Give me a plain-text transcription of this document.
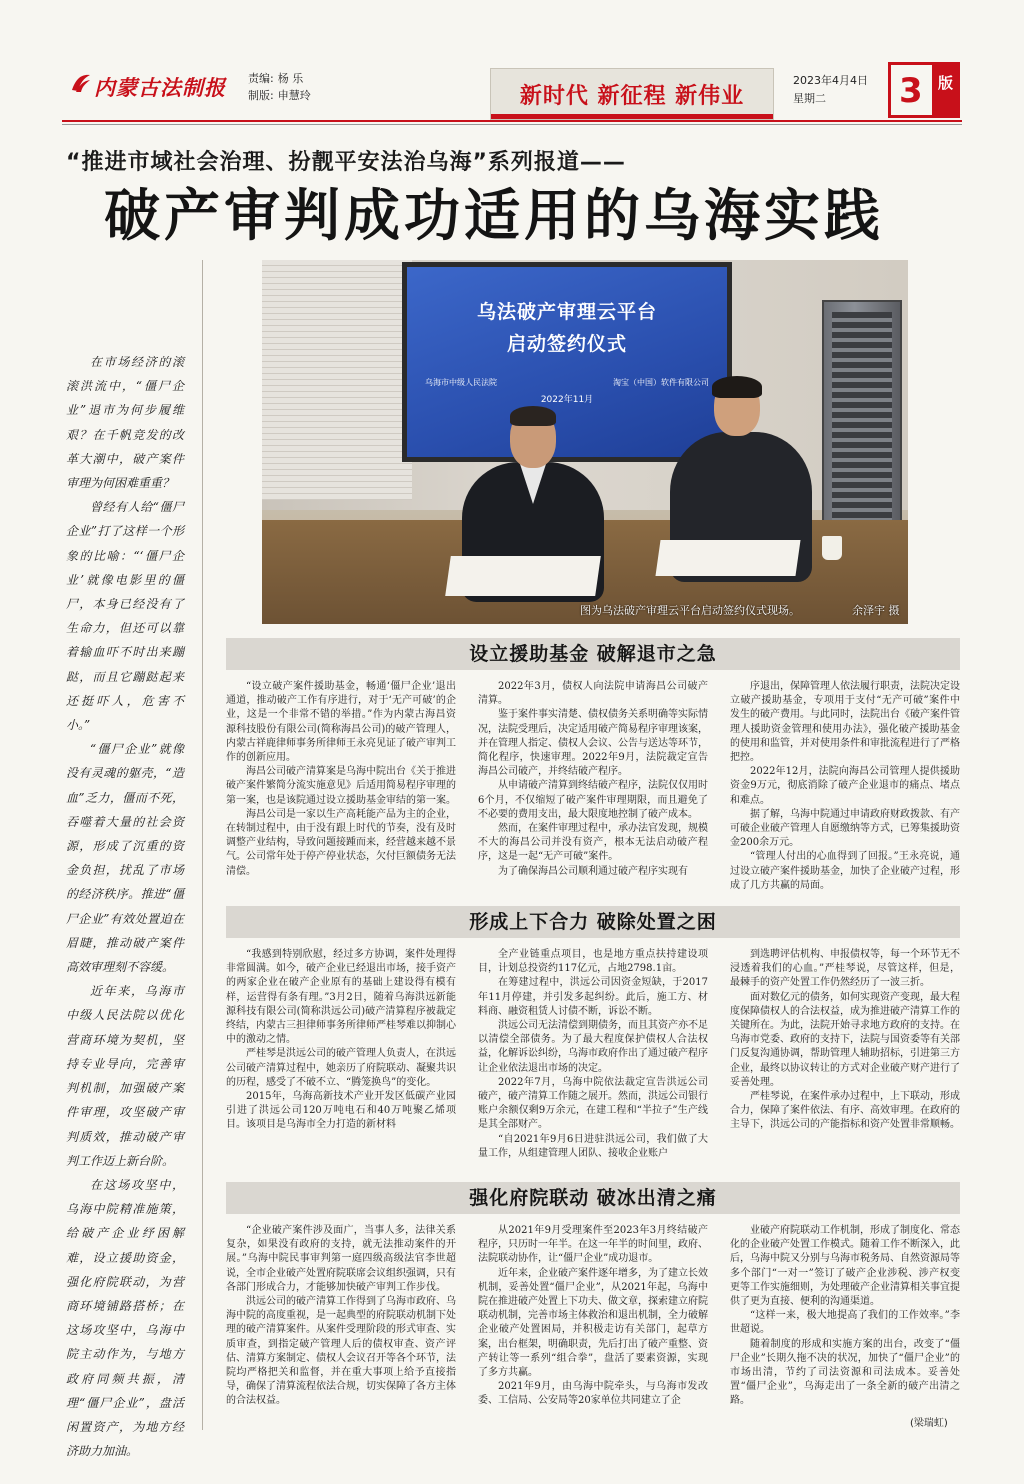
内蒙古法制报 责编: 杨 乐
制版: 申慧玲	新时代 新征程 新伟业
2023年4月4日
星期二	3 版
“推进市域社会治理、扮靓平安法治乌海”系列报道——
破产审判成功适用的乌海实践
乌法破产审理云平台
启动签约仪式
乌海市中级人民法院	淘宝（中国）软件有限公司
2022年11月
图为乌法破产审理云平台启动签约仪式现场。	余泽宇 摄

在市场经济的滚滚洪流中，“僵尸企业”退市为何步履维艰？在千帆竞发的改革大潮中，破产案件审理为何困难重重？

曾经有人给“僵尸企业”打了这样一个形象的比喻：“‘僵尸企业’就像电影里的僵尸，本身已经没有了生命力，但还可以靠着输血吓不时出来蹦跶，而且它蹦跶起来还挺吓人，危害不小。”

“僵尸企业”就像没有灵魂的躯壳，“造血”乏力，僵而不死，吞噬着大量的社会资源，形成了沉重的资金负担，扰乱了市场的经济秩序。推进“僵尸企业”有效处置迫在眉睫，推动破产案件高效审理刻不容缓。

近年来，乌海市中级人民法院以优化营商环境为契机，坚持专业导向，完善审判机制，加强破产案件审理，攻坚破产审判质效，推动破产审判工作迈上新台阶。

在这场攻坚中，乌海中院精准施策，给破产企业纾困解难，设立援助资金，强化府院联动，为营商环境铺路搭桥；在这场攻坚中，乌海中院主动作为，与地方政府同频共振，清理“僵尸企业”，盘活闲置资产，为地方经济助力加油。

设立援助基金 破解退市之急

“设立破产案件援助基金，畅通‘僵尸企业’退出通道，推动破产工作有序进行，对于‘无产可破’的企业，这是一个非常不错的举措。”作为内蒙古海昌资源科技股份有限公司(简称海昌公司)的破产管理人，内蒙古祥鹿律师事务所律师王永亮见证了破产审判工作的创新应用。

海昌公司破产清算案是乌海中院出台《关于推进破产案件繁简分流实施意见》后适用简易程序审理的第一案，也是该院通过设立援助基金审结的第一案。

海昌公司是一家以生产高耗能产品为主的企业，在转制过程中，由于没有跟上时代的节奏，没有及时调整产业结构，导致问题接踵而来，经营越来越不景气。公司常年处于停产停业状态，欠付巨额债务无法清偿。

2022年3月，债权人向法院申请海昌公司破产清算。

鉴于案件事实清楚、债权债务关系明确等实际情况，法院受理后，决定适用破产简易程序审理该案，并在管理人指定、债权人会议、公告与送达等环节，简化程序，快速审理。2022年9月，法院裁定宣告海昌公司破产，并终结破产程序。

从申请破产清算到终结破产程序，法院仅仅用时6个月，不仅缩短了破产案件审理期限，而且避免了不必要的费用支出，最大限度地控制了破产成本。

然而，在案件审理过程中，承办法官发现，规模不大的海昌公司并没有资产，根本无法启动破产程序，这是一起“无产可破”案件。

为了确保海昌公司顺利通过破产程序实现有

序退出，保障管理人依法履行职责，法院决定设立破产援助基金，专项用于支付“无产可破”案件中发生的破产费用。与此同时，法院出台《破产案件管理人援助资金管理和使用办法》，强化破产援助基金的使用和监管，并对使用条件和审批流程进行了严格把控。

2022年12月，法院向海昌公司管理人提供援助资金9万元，彻底消除了破产企业退市的痛点、堵点和难点。

据了解，乌海中院通过申请政府财政拨款、有产可破企业破产管理人自愿缴纳等方式，已筹集援助资金200余万元。

“管理人付出的心血得到了回报。”王永亮说，通过设立破产案件援助基金，加快了企业破产过程，形成了几方共赢的局面。

形成上下合力 破除处置之困

“我感到特别欣慰，经过多方协调，案件处理得非常圆满。如今，破产企业已经退出市场，接手资产的两家企业在破产企业原有的基础上建设得有模有样，运营得有条有理。”3月2日，随着乌海洪远新能源科技有限公司(简称洪远公司)破产清算程序被裁定终结，内蒙古三担律师事务所律师严桂琴难以抑制心中的激动之情。

严桂琴是洪远公司的破产管理人负责人，在洪远公司破产清算过程中，她亲历了府院联动、凝聚共识的历程，感受了不破不立、“腾笼换鸟”的变化。

2015年，乌海高新技术产业开发区低碳产业园引进了洪远公司120万吨电石和40万吨聚乙烯项目。该项目是乌海市全力打造的新材料

全产业链重点项目，也是地方重点扶持建设项目，计划总投资约117亿元，占地2798.1亩。

在筹建过程中，洪远公司因资金短缺，于2017年11月停建，并引发多起纠纷。此后，施工方、材料商、融资租赁人讨债不断，诉讼不断。

洪远公司无法清偿到期债务，而且其资产亦不足以清偿全部债务。为了最大程度保护债权人合法权益，化解诉讼纠纷，乌海市政府作出了通过破产程序让企业依法退出市场的决定。

2022年7月，乌海中院依法裁定宣告洪远公司破产，破产清算工作随之展开。然而，洪远公司银行账户余额仅剩9万余元，在建工程和“半拉子”生产线是其全部财产。

“自2021年9月6日进驻洪远公司，我们做了大量工作，从组建管理人团队、接收企业账户

到选聘评估机构、申报债权等，每一个环节无不浸透着我们的心血。”严桂琴说，尽管这样，但是，最棘手的资产处置工作仍然经历了一波三折。

面对数亿元的债务，如何实现资产变现，最大程度保障债权人的合法权益，成为推进破产清算工作的关键所在。为此，法院开始寻求地方政府的支持。在乌海市党委、政府的支持下，法院与国资委等有关部门反复沟通协调，帮助管理人辅助招标，引进第三方企业，最终以协议转让的方式对企业破产财产进行了妥善处理。

严桂琴说，在案件承办过程中，上下联动，形成合力，保障了案件依法、有序、高效审理。在政府的主导下，洪远公司的产能指标和资产处置非常顺畅。

强化府院联动 破冰出清之痛

“企业破产案件涉及面广，当事人多，法律关系复杂，如果没有政府的支持，就无法推动案件的开展。”乌海中院民事审判第一庭四级高级法官李世超说，全市企业破产处置府院联席会议组织强调，只有各部门形成合力，才能够加快破产审判工作步伐。

洪远公司的破产清算工作得到了乌海市政府、乌海中院的高度重视，是一起典型的府院联动机制下处理的破产清算案件。从案件受理阶段的形式审查、实质审查，到指定破产管理人后的债权审查、资产评估、清算方案制定、债权人会议召开等各个环节，法院均严格把关和监督，并在重大事项上给予直接指导，确保了清算流程依法合规，切实保障了各方主体的合法权益。

从2021年9月受理案件至2023年3月终结破产程序，只历时一年半。在这一年半的时间里，政府、法院联动协作，让“僵尸企业”成功退市。

近年来，企业破产案件逐年增多，为了建立长效机制，妥善处置“僵尸企业”，从2021年起，乌海中院在推进破产处置上下功夫、做文章，探索建立府院联动机制，完善市场主体救治和退出机制，全力破解企业破产处置困局，并积极走访有关部门，起草方案，出台框架，明确职责，先后打出了破产重整、资产转让等一系列“组合拳”，盘活了要素资源，实现了多方共赢。

2021年9月，由乌海中院牵头，与乌海市发改委、工信局、公安局等20家单位共同建立了企

业破产府院联动工作机制，形成了制度化、常态化的企业破产处置工作模式。随着工作不断深入，此后，乌海中院又分别与乌海市税务局、自然资源局等多个部门“一对一”签订了破产企业涉税、涉产权变更等工作实施细则，为处理破产企业清算相关事宜提供了更为直接、便利的沟通渠道。

“这样一来，极大地提高了我们的工作效率。”李世超说。

随着制度的形成和实施方案的出台，改变了“僵尸企业”长期久拖不决的状况，加快了“僵尸企业”的市场出清，节约了司法资源和司法成本。妥善处置“僵尸企业”，乌海走出了一条全新的破产出清之路。

(梁瑞虹)
